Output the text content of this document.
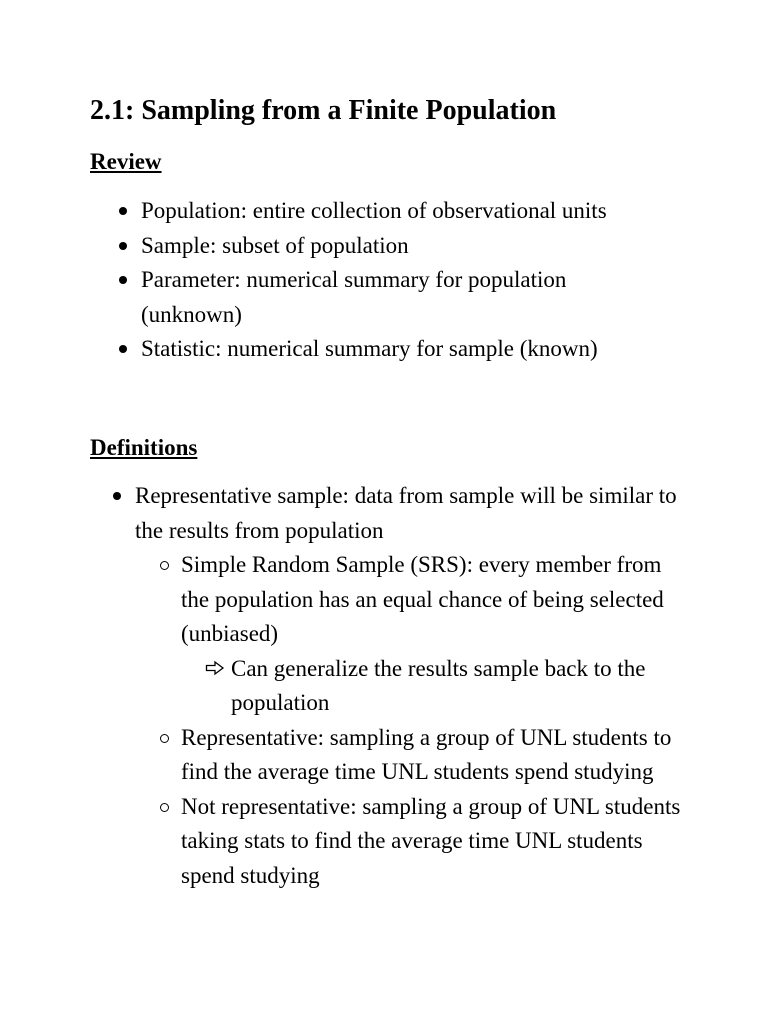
2.1: Sampling from a Finite Population
Review
Population: entire collection of observational units
Sample: subset of population
Parameter: numerical summary for population (unknown)
Statistic: numerical summary for sample (known)
Definitions
Representative sample: data from sample will be similar to the results from population
Simple Random Sample (SRS): every member from the population has an equal chance of being selected (unbiased)
Can generalize the results sample back to the population
Representative: sampling a group of UNL students to find the average time UNL students spend studying
Not representative: sampling a group of UNL students taking stats to find the average time UNL students spend studying
